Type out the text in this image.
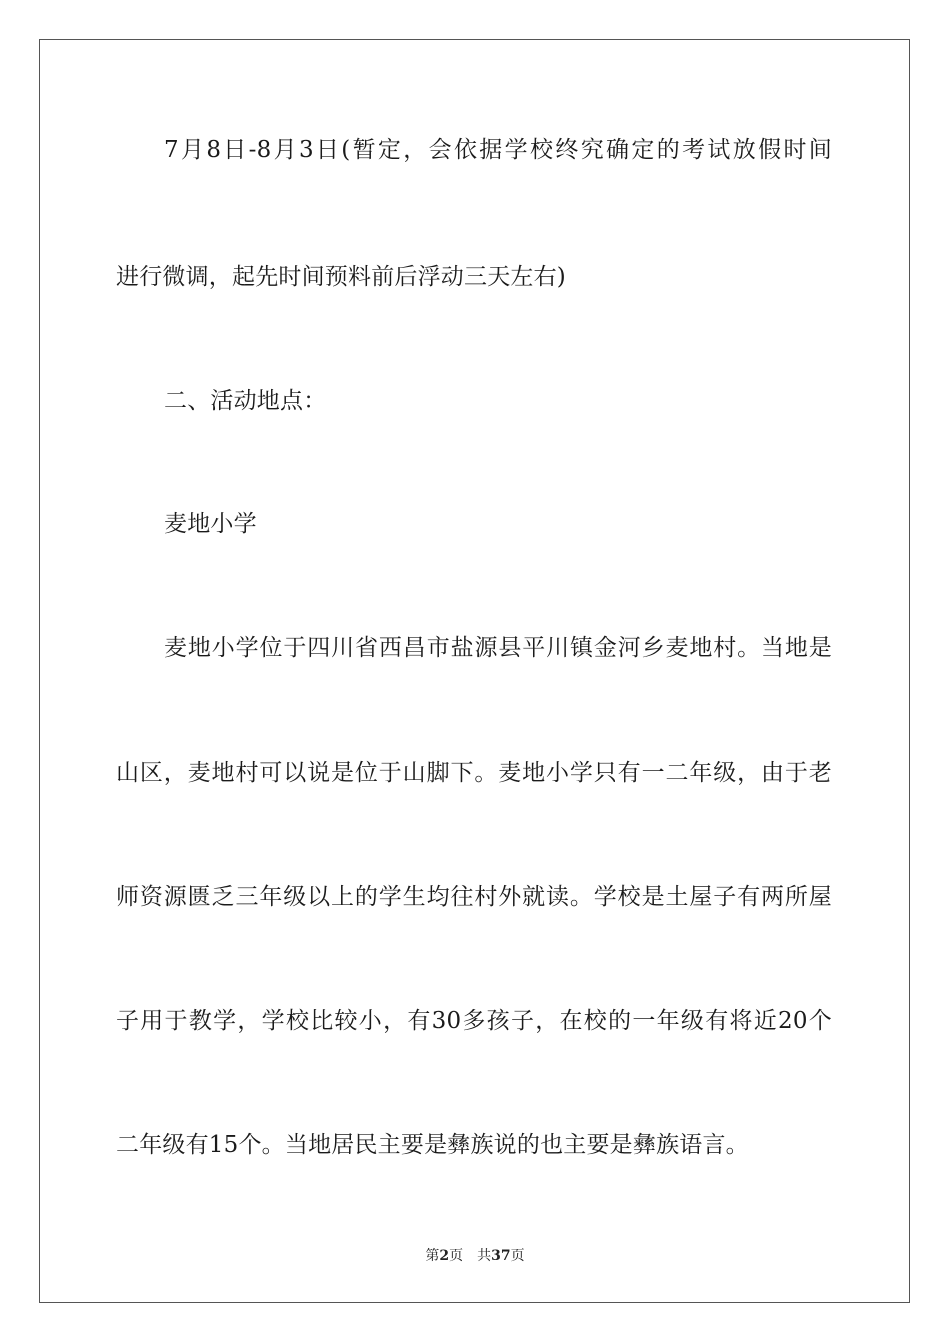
7月8日-8月3日(暂定，会依据学校终究确定的考试放假时间
进行微调，起先时间预料前后浮动三天左右)
二、活动地点：
麦地小学
麦地小学位于四川省西昌市盐源县平川镇金河乡麦地村。当地是
山区，麦地村可以说是位于山脚下。麦地小学只有一二年级，由于老
师资源匮乏三年级以上的学生均往村外就读。学校是土屋子有两所屋
子用于教学，学校比较小，有30多孩子，在校的一年级有将近20个
二年级有15个。当地居民主要是彝族说的也主要是彝族语言。
第2页 共37页
